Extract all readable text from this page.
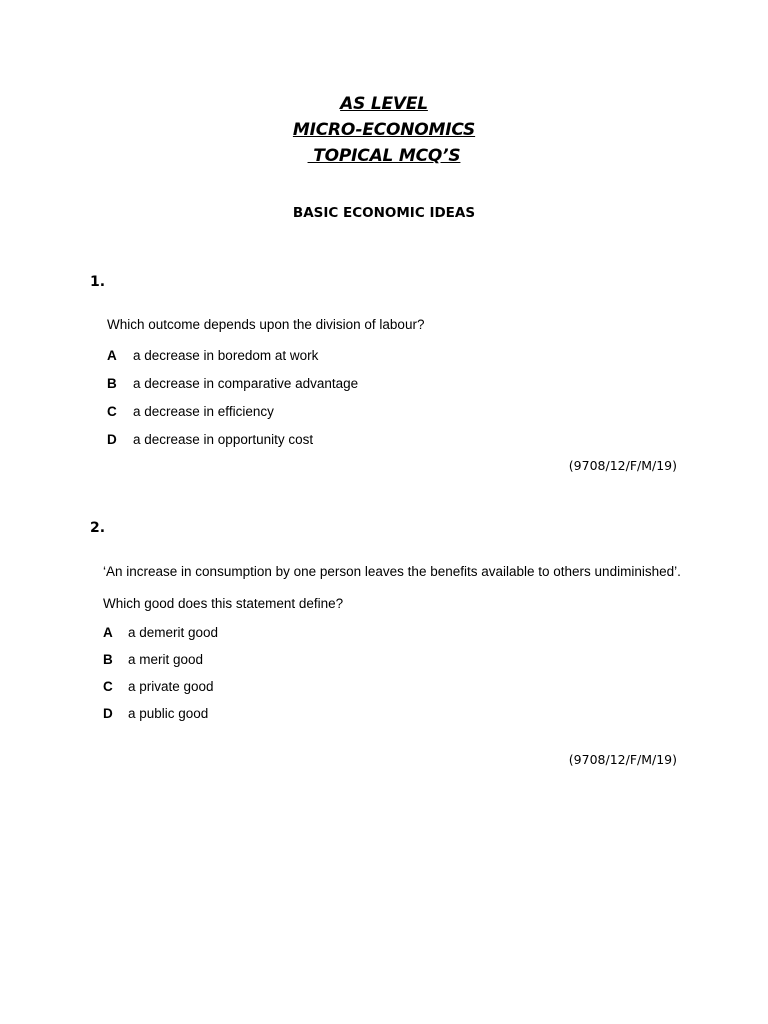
AS LEVEL
MICRO-ECONOMICS
TOPICAL MCQ’S
BASIC ECONOMIC IDEAS
1.
Which outcome depends upon the division of labour?
A a decrease in boredom at work
B a decrease in comparative advantage
C a decrease in efficiency
D a decrease in opportunity cost
(9708/12/F/M/19)
2.
‘An increase in consumption by one person leaves the benefits available to others undiminished’.
Which good does this statement define?
A a demerit good
B a merit good
C a private good
D a public good
(9708/12/F/M/19)
